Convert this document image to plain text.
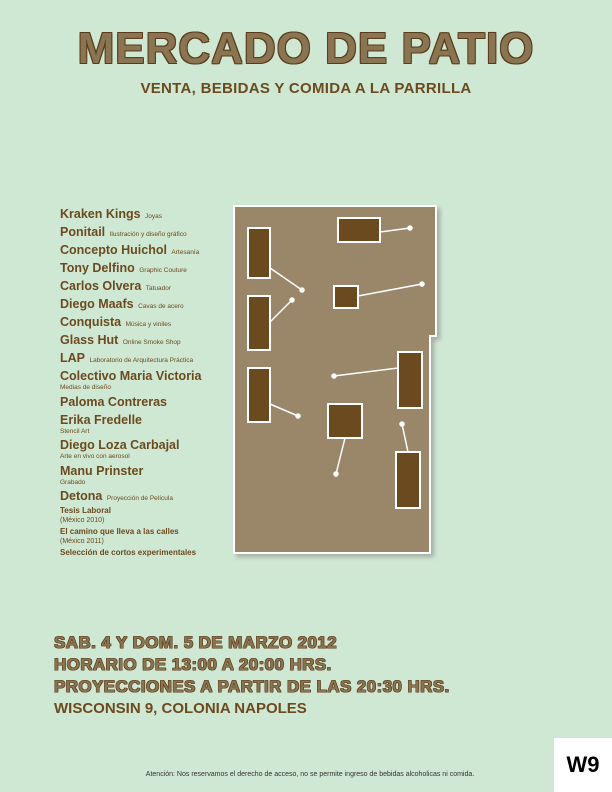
MERCADO DE PATIO
VENTA, BEBIDAS Y COMIDA A LA PARRILLA
Kraken Kings Joyas
Ponitail Ilustración y diseño gráfico
Concepto Huichol Artesanía
Tony Delfino Graphic Couture
Carlos Olvera Tatuador
Diego Maafs Cavas de acero
Conquista Música y viniles
Glass Hut Online Smoke Shop
LAP Laboratorio de Arquitectura Práctica
Colectivo Maria Victoria
Medias de diseño
Paloma Contreras
Erika Fredelle
Stencil Art
Diego Loza Carbajal
Arte en vivo con aerosol
Manu Prinster
Grabado
Detona Proyección de Película
Tesis Laboral
(México 2010)
El camino que lleva a las calles
(México 2011)
Selección de cortos experimentales
SAB. 4 Y DOM. 5 DE MARZO 2012
HORARIO DE 13:00 A 20:00 HRS.
PROYECCIONES A PARTIR DE LAS 20:30 HRS.
WISCONSIN 9, COLONIA NAPOLES
W9
Atención: Nos reservamos el derecho de acceso, no se permite ingreso de bebidas alcoholicas ni comida.
